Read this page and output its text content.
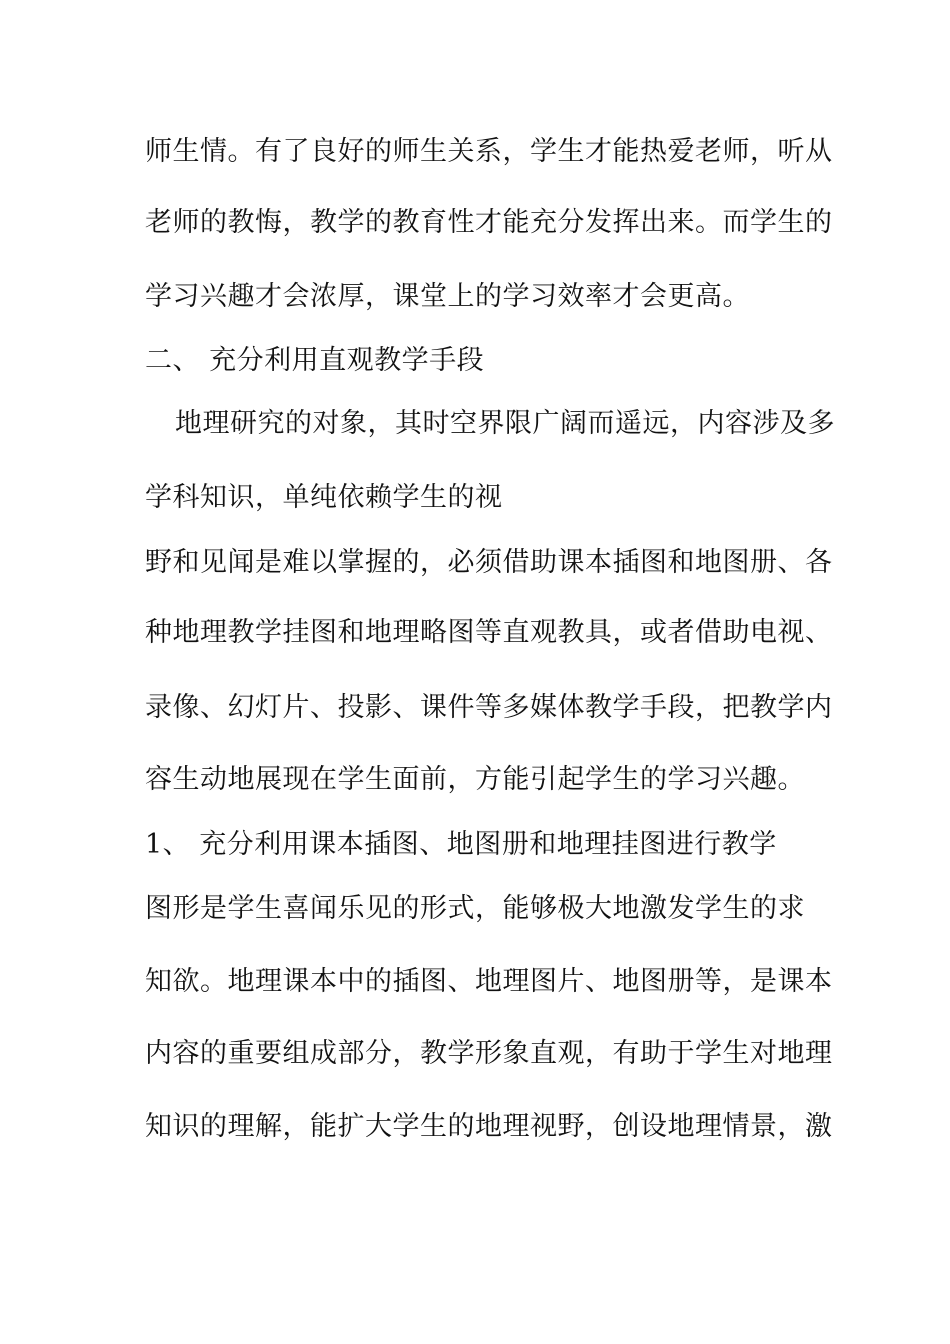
师生情。有了良好的师生关系，学生才能热爱老师，听从
老师的教悔，教学的教育性才能充分发挥出来。而学生的
学习兴趣才会浓厚，课堂上的学习效率才会更高。
二、 充分利用直观教学手段
地理研究的对象，其时空界限广阔而遥远，内容涉及多
学科知识，单纯依赖学生的视
野和见闻是难以掌握的，必须借助课本插图和地图册、各
种地理教学挂图和地理略图等直观教具，或者借助电视、
录像、幻灯片、投影、课件等多媒体教学手段，把教学内
容生动地展现在学生面前，方能引起学生的学习兴趣。
1、 充分利用课本插图、地图册和地理挂图进行教学
图形是学生喜闻乐见的形式，能够极大地激发学生的求
知欲。地理课本中的插图、地理图片、地图册等，是课本
内容的重要组成部分，教学形象直观，有助于学生对地理
知识的理解，能扩大学生的地理视野，创设地理情景，激
